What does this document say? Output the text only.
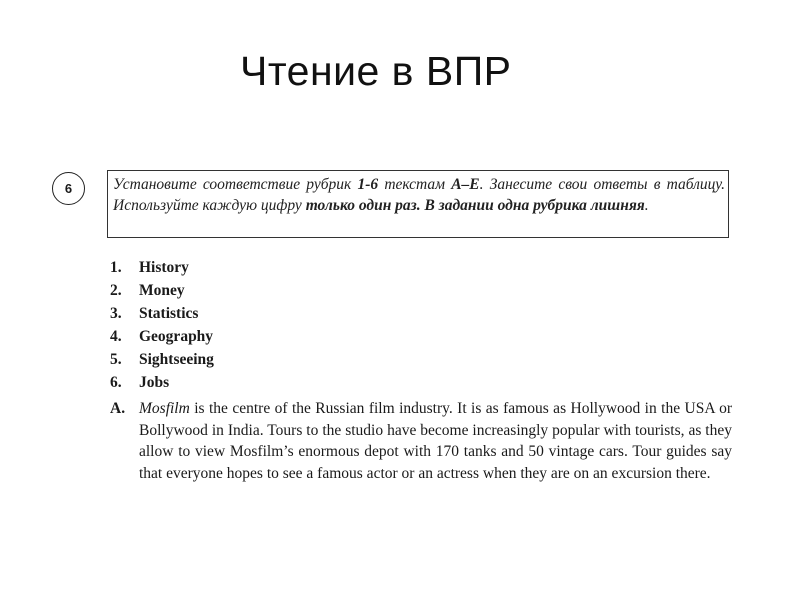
Чтение в ВПР
6	Установите соответствие рубрик 1-6 текстам А–Е. Занесите свои ответы в таблицу. Используйте каждую цифру только один раз. В задании одна рубрика лишняя.
1. History
2. Money
3. Statistics
4. Geography
5. Sightseeing
6. Jobs
A. Mosfilm is the centre of the Russian film industry. It is as famous as Hollywood in the USA or Bollywood in India. Tours to the studio have become increasingly popular with tourists, as they allow to view Mosfilm’s enormous depot with 170 tanks and 50 vintage cars. Tour guides say that everyone hopes to see a famous actor or an actress when they are on an excursion there.
